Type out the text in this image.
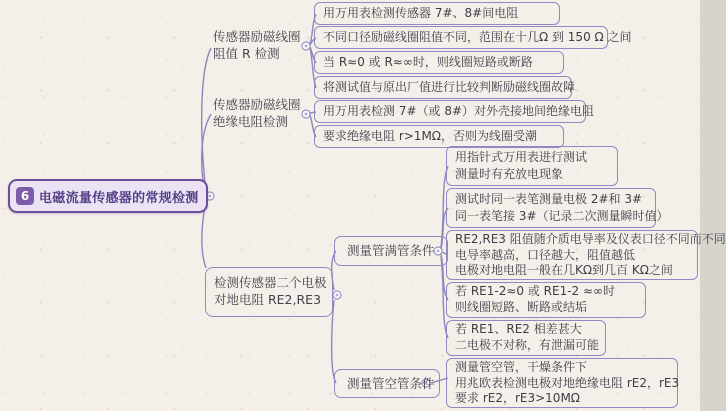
6 电磁流量传感器的常规检测
传感器励磁线圈
阻值 R 检测
用万用表检测传感器 7#、8#间电阻
不同口径励磁线圈阻值不同，范围在十几Ω 到 150 Ω 之间
当 R≈0 或 R≈∞时，则线圈短路或断路
将测试值与原出厂值进行比较判断励磁线圈故障
传感器励磁线圈
绝缘电阻检测
用万用表检测 7#（或 8#）对外壳接地间绝缘电阻
要求绝缘电阻 r>1MΩ，否则为线圈受潮
检测传感器二个电极
对地电阻 RE2,RE3
测量管满管条件
测量管空管条件
用指针式万用表进行测试
测量时有充放电现象
测试时同一表笔测量电极 2#和 3#
同一表笔接 3#（记录二次测量瞬时值）
RE2,RE3 阻值随介质电导率及仪表口径不同而不同
电导率越高，口径越大，阻值越低
电极对地电阻一般在几KΩ到几百 KΩ之间
若 RE1-2≈0 或 RE1-2 ≈∞时
则线圈短路、断路或结垢
若 RE1、RE2 相差甚大
二电极不对称，有泄漏可能
测量管空管，干燥条件下
用兆欧表检测电极对地绝缘电阻 rE2，rE3
要求 rE2，rE3>10MΩ
